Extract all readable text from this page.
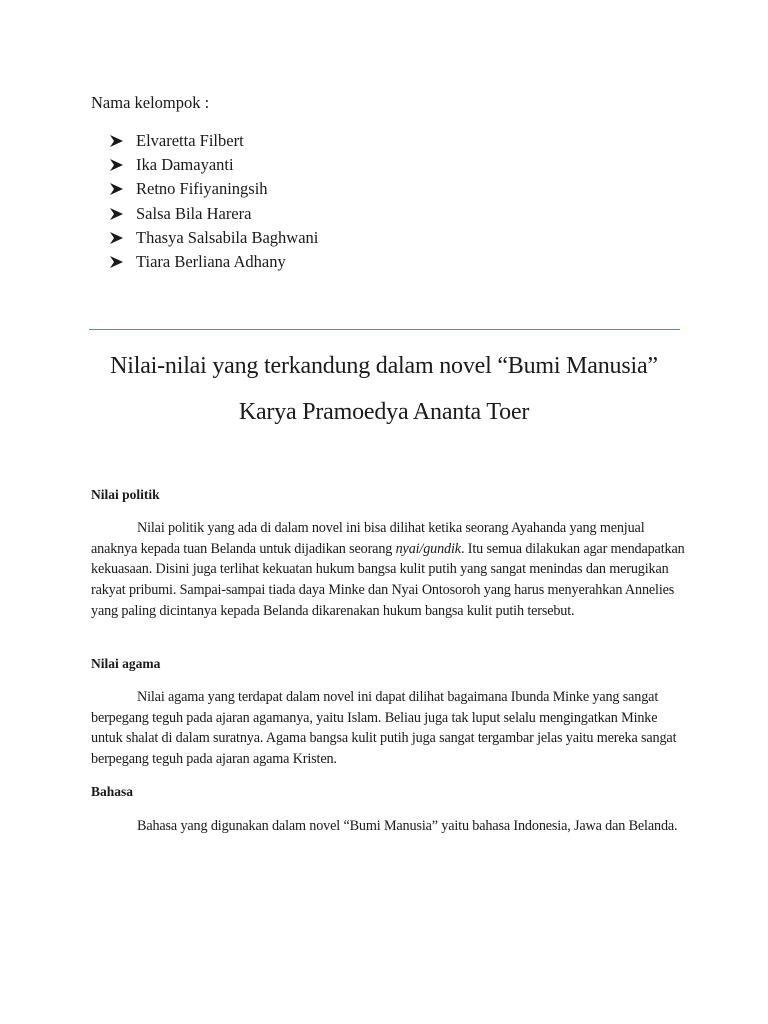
Nama kelompok :

Elvaretta Filbert
Ika Damayanti
Retno Fifiyaningsih
Salsa Bila Harera
Thasya Salsabila Baghwani
Tiara Berliana Adhany
Nilai-nilai yang terkandung dalam novel “Bumi Manusia”
Karya Pramoedya Ananta Toer
Nilai politik

Nilai politik yang ada di dalam novel ini bisa dilihat ketika seorang Ayahanda yang menjual anaknya kepada tuan Belanda untuk dijadikan seorang nyai/gundik. Itu semua dilakukan agar mendapatkan kekuasaan. Disini juga terlihat kekuatan hukum bangsa kulit putih yang sangat menindas dan merugikan rakyat pribumi. Sampai-sampai tiada daya Minke dan Nyai Ontosoroh yang harus menyerahkan Annelies yang paling dicintanya kepada Belanda dikarenakan hukum bangsa kulit putih tersebut.

Nilai agama

Nilai agama yang terdapat dalam novel ini dapat dilihat bagaimana Ibunda Minke yang sangat berpegang teguh pada ajaran agamanya, yaitu Islam. Beliau juga tak luput selalu mengingatkan Minke untuk shalat di dalam suratnya. Agama bangsa kulit putih juga sangat tergambar jelas yaitu mereka sangat berpegang teguh pada ajaran agama Kristen.

Bahasa

Bahasa yang digunakan dalam novel “Bumi Manusia” yaitu bahasa Indonesia, Jawa dan Belanda.
